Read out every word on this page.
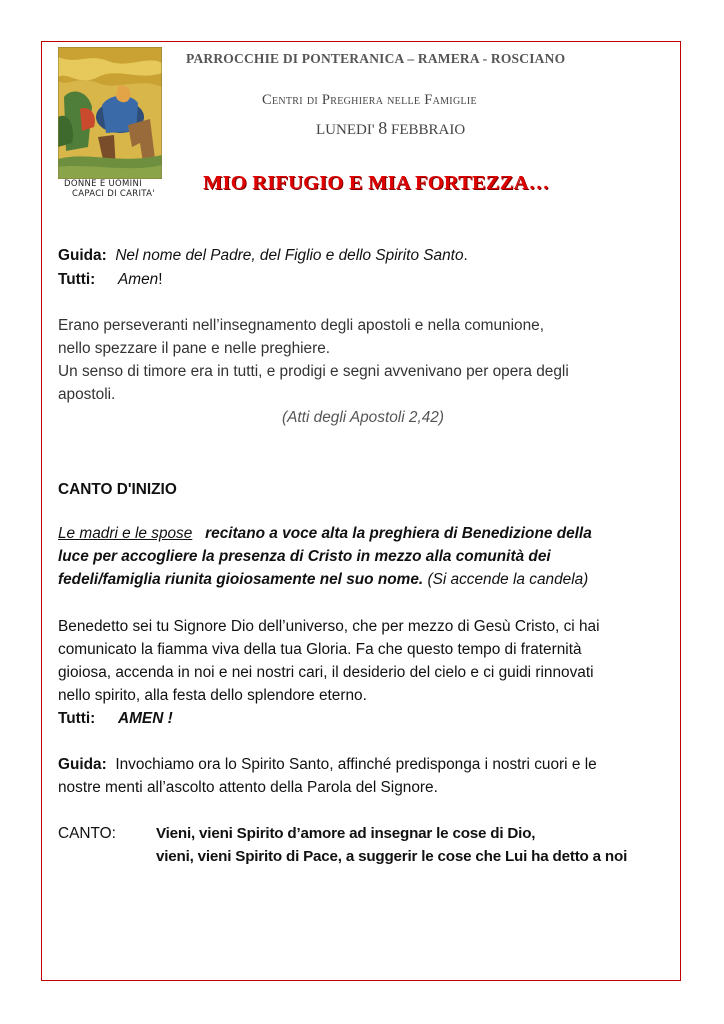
DONNE E UOMINI
CAPACI DI CARITA'
PARROCCHIE DI PONTERANICA – RAMERA - ROSCIANO
Centri di Preghiera nelle Famiglie
LUNEDI' 8 FEBBRAIO
MIO RIFUGIO E MIA FORTEZZA…
Guida: Nel nome del Padre, del Figlio e dello Spirito Santo.
Tutti: Amen!
Erano perseveranti nell’insegnamento degli apostoli e nella comunione,
nello spezzare il pane e nelle preghiere.
Un senso di timore era in tutti, e prodigi e segni avvenivano per opera degli
apostoli.
(Atti degli Apostoli 2,42)
CANTO D'INIZIO
Le madri e le spose recitano a voce alta la preghiera di Benedizione della
luce per accogliere la presenza di Cristo in mezzo alla comunità dei
fedeli/famiglia riunita gioiosamente nel suo nome. (Si accende la candela)
Benedetto sei tu Signore Dio dell’universo, che per mezzo di Gesù Cristo, ci hai
comunicato la fiamma viva della tua Gloria. Fa che questo tempo di fraternità
gioiosa, accenda in noi e nei nostri cari, il desiderio del cielo e ci guidi rinnovati
nello spirito, alla festa dello splendore eterno.
Tutti: AMEN !
Guida: Invochiamo ora lo Spirito Santo, affinché predisponga i nostri cuori e le
nostre menti all’ascolto attento della Parola del Signore.
CANTO:	Vieni, vieni Spirito d’amore ad insegnar le cose di Dio,
vieni, vieni Spirito di Pace, a suggerir le cose che Lui ha detto a noi
